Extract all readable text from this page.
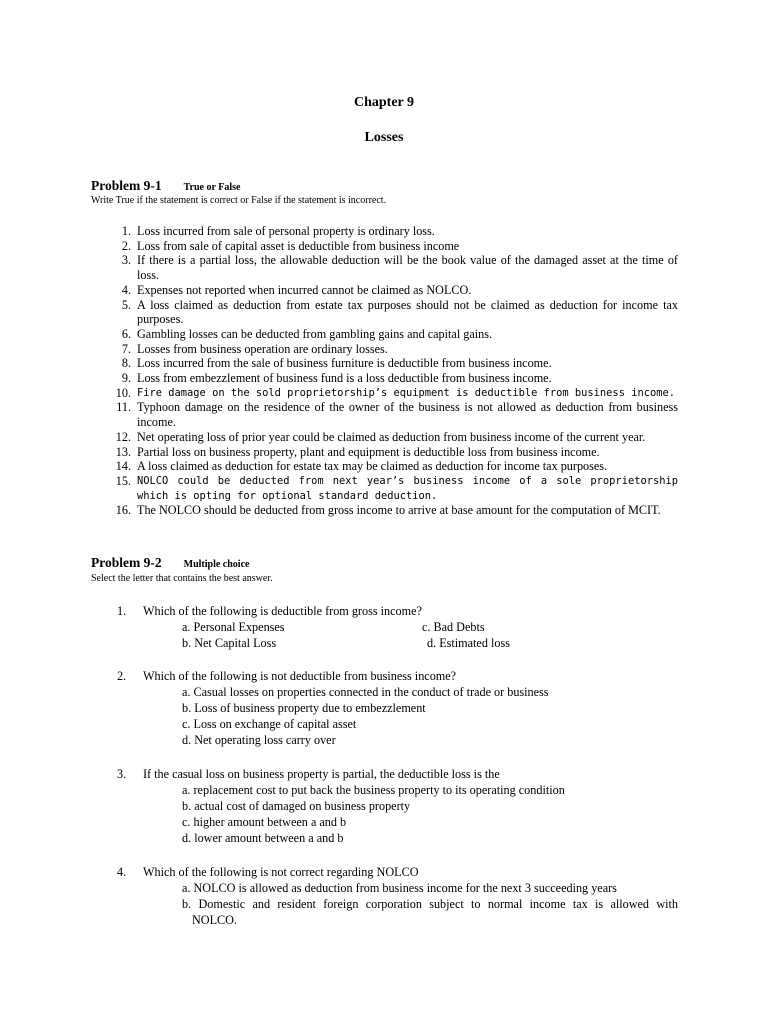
Chapter 9
Losses
Problem 9-1 True or False
Write True if the statement is correct or False if the statement is incorrect.
1. Loss incurred from sale of personal property is ordinary loss.
2. Loss from sale of capital asset is deductible from business income
3. If there is a partial loss, the allowable deduction will be the book value of the damaged asset at the time of loss.
4. Expenses not reported when incurred cannot be claimed as NOLCO.
5. A loss claimed as deduction from estate tax purposes should not be claimed as deduction for income tax purposes.
6. Gambling losses can be deducted from gambling gains and capital gains.
7. Losses from business operation are ordinary losses.
8. Loss incurred from the sale of business furniture is deductible from business income.
9. Loss from embezzlement of business fund is a loss deductible from business income.
10. Fire damage on the sold proprietorship’s equipment is deductible from business income.
11. Typhoon damage on the residence of the owner of the business is not allowed as deduction from business income.
12. Net operating loss of prior year could be claimed as deduction from business income of the current year.
13. Partial loss on business property, plant and equipment is deductible loss from business income.
14. A loss claimed as deduction for estate tax may be claimed as deduction for income tax purposes.
15. NOLCO could be deducted from next year’s business income of a sole proprietorship which is opting for optional standard deduction.
16. The NOLCO should be deducted from gross income to arrive at base amount for the computation of MCIT.
Problem 9-2 Multiple choice
Select the letter that contains the best answer.
1. Which of the following is deductible from gross income?
a. Personal Expenses	c. Bad Debts
b. Net Capital Loss	d. Estimated loss
2. Which of the following is not deductible from business income?
a. Casual losses on properties connected in the conduct of trade or business
b. Loss of business property due to embezzlement
c. Loss on exchange of capital asset
d. Net operating loss carry over
3. If the casual loss on business property is partial, the deductible loss is the
a. replacement cost to put back the business property to its operating condition
b. actual cost of damaged on business property
c. higher amount between a and b
d. lower amount between a and b
4. Which of the following is not correct regarding NOLCO
a. NOLCO is allowed as deduction from business income for the next 3 succeeding years
b. Domestic and resident foreign corporation subject to normal income tax is allowed with
NOLCO.
